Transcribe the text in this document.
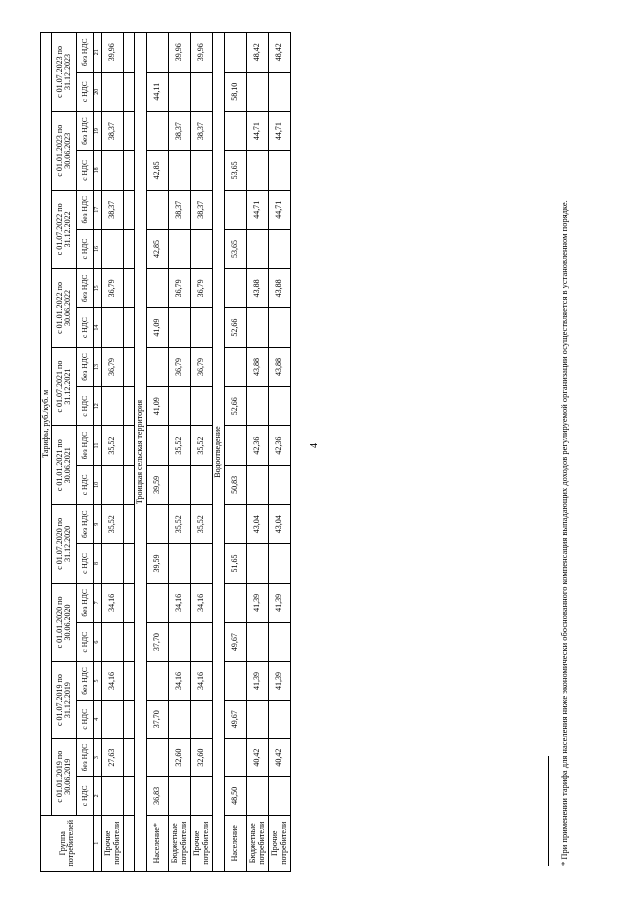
4
Группа потребителей	Тарифы, руб./куб. м																			
	с 01.01.2019 по 30.06.2019		с 01.07.2019 по 31.12.2019		с 01.01.2020 по 30.06.2020		с 01.07.2020 по 31.12.2020		с 01.01.2021 по 30.06.2021		с 01.07.2021 по 31.12.2021		с 01.01.2022 по 30.06.2022		с 01.07.2022 по 31.12.2022		с 01.01.2023 по 30.06.2023		с 01.07.2023 по 31.12.2023	
	с НДС	без НДС	с НДС	без НДС	с НДС	без НДС	с НДС	без НДС	с НДС	без НДС	с НДС	без НДС	с НДС	без НДС	с НДС	без НДС	с НДС	без НДС	с НДС	без НДС
1	2	3	4	5	6	7	8	9	10	11	12	13	14	15	16	17	18	19	20	21
Прочие потребители		27,63		34,16		34,16		35,52		35,52		36,79		36,79		38,37		38,37		39,96

Троицкая сельская территория																				
Население*	36,83		37,70		37,70		39,59		39,59		41,09		41,09		42,85		42,85		44,11	
Бюджетные потребители		32,60		34,16		34,16		35,52		35,52		36,79		36,79		38,37		38,37		39,96
Прочие потребители		32,60		34,16		34,16		35,52		35,52		36,79		36,79		38,37		38,37		39,96
Водоотведение																				
Население	48,50		49,67		49,67		51,65		50,83		52,66		52,66		53,65		53,65		58,10	
Бюджетные потребители		40,42		41,39		41,39		43,04		42,36		43,88		43,88		44,71		44,71		48,42
Прочие потребители		40,42		41,39		41,39		43,04		42,36		43,88		43,88		44,71		44,71		48,42
* При применении тарифа для населения ниже экономически обоснованного компенсация выпадающих доходов регулируемой организации осуществляется в установленном порядке.
